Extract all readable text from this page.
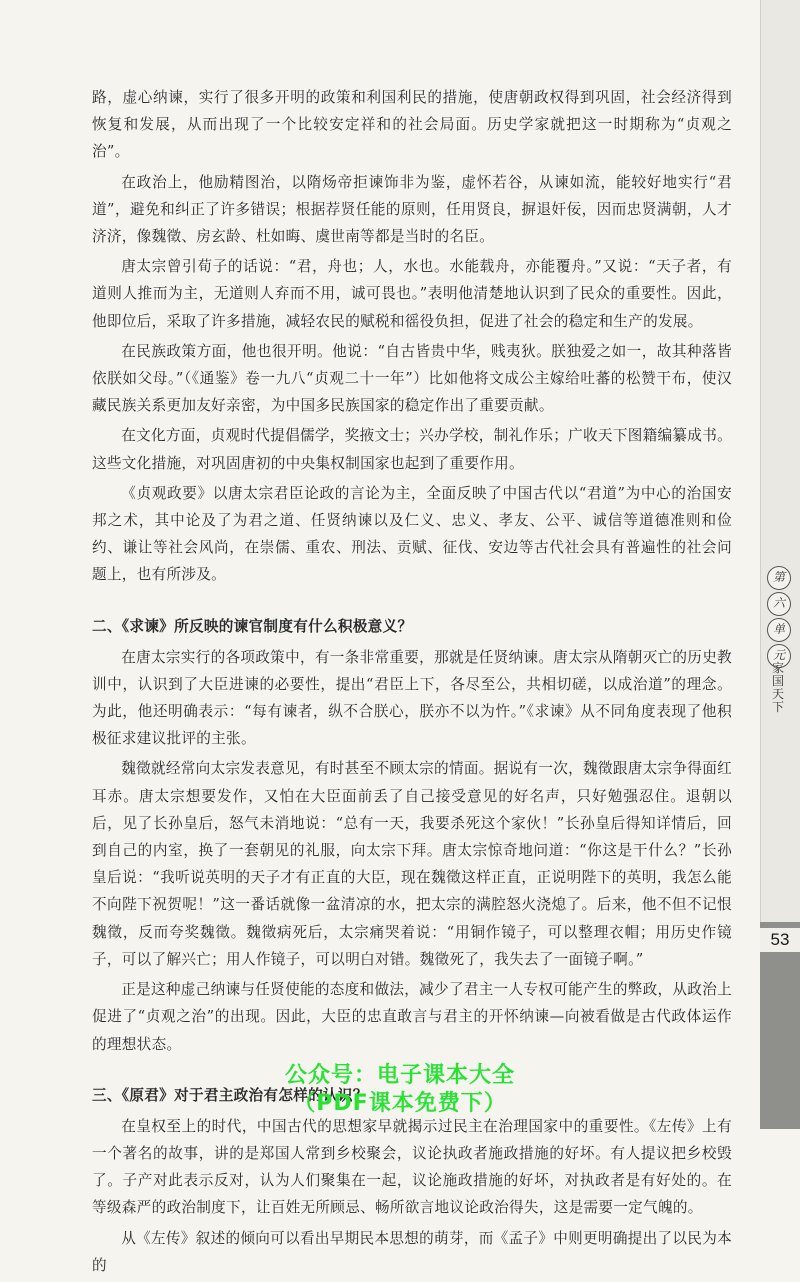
路，虚心纳谏，实行了很多开明的政策和利国利民的措施，使唐朝政权得到巩固，社会经济得到恢复和发展，从而出现了一个比较安定祥和的社会局面。历史学家就把这一时期称为“贞观之治”。

在政治上，他励精图治，以隋炀帝拒谏饰非为鉴，虚怀若谷，从谏如流，能较好地实行“君道”，避免和纠正了许多错误；根据荐贤任能的原则，任用贤良，摒退奸佞，因而忠贤满朝，人才济济，像魏徵、房玄龄、杜如晦、虞世南等都是当时的名臣。

唐太宗曾引荀子的话说：“君，舟也；人，水也。水能载舟，亦能覆舟。”又说：“天子者，有道则人推而为主，无道则人弃而不用，诚可畏也。”表明他清楚地认识到了民众的重要性。因此，他即位后，采取了许多措施，减轻农民的赋税和徭役负担，促进了社会的稳定和生产的发展。

在民族政策方面，他也很开明。他说：“自古皆贵中华，贱夷狄。朕独爱之如一，故其种落皆依朕如父母。”（《通鉴》卷一九八“贞观二十一年”）比如他将文成公主嫁给吐蕃的松赞干布，使汉藏民族关系更加友好亲密，为中国多民族国家的稳定作出了重要贡献。

在文化方面，贞观时代提倡儒学，奖掖文士；兴办学校，制礼作乐；广收天下图籍编纂成书。这些文化措施，对巩固唐初的中央集权制国家也起到了重要作用。

《贞观政要》以唐太宗君臣论政的言论为主，全面反映了中国古代以“君道”为中心的治国安邦之术，其中论及了为君之道、任贤纳谏以及仁义、忠义、孝友、公平、诚信等道德准则和俭约、谦让等社会风尚，在崇儒、重农、刑法、贡赋、征伐、安边等古代社会具有普遍性的社会问题上，也有所涉及。

二、《求谏》所反映的谏官制度有什么积极意义？

在唐太宗实行的各项政策中，有一条非常重要，那就是任贤纳谏。唐太宗从隋朝灭亡的历史教训中，认识到了大臣进谏的必要性，提出“君臣上下，各尽至公，共相切磋，以成治道”的理念。为此，他还明确表示：“每有谏者，纵不合朕心，朕亦不以为忤。”《求谏》从不同角度表现了他积极征求建议批评的主张。

魏徵就经常向太宗发表意见，有时甚至不顾太宗的情面。据说有一次，魏徵跟唐太宗争得面红耳赤。唐太宗想要发作，又怕在大臣面前丢了自己接受意见的好名声，只好勉强忍住。退朝以后，见了长孙皇后，怒气未消地说：“总有一天，我要杀死这个家伙！”长孙皇后得知详情后，回到自己的内室，换了一套朝见的礼服，向太宗下拜。唐太宗惊奇地问道：“你这是干什么？”长孙皇后说：“我听说英明的天子才有正直的大臣，现在魏徵这样正直，正说明陛下的英明，我怎么能不向陛下祝贺呢！”这一番话就像一盆清凉的水，把太宗的满腔怒火浇熄了。后来，他不但不记恨魏徵，反而夸奖魏徵。魏徵病死后，太宗痛哭着说：“用铜作镜子，可以整理衣帽；用历史作镜子，可以了解兴亡；用人作镜子，可以明白对错。魏徵死了，我失去了一面镜子啊。”

正是这种虚己纳谏与任贤使能的态度和做法，减少了君主一人专权可能产生的弊政，从政治上促进了“贞观之治”的出现。因此，大臣的忠直敢言与君主的开怀纳谏—向被看做是古代政体运作的理想状态。

三、《原君》对于君主政治有怎样的认识？

在皇权至上的时代，中国古代的思想家早就揭示过民主在治理国家中的重要性。《左传》上有一个著名的故事，讲的是郑国人常到乡校聚会，议论执政者施政措施的好坏。有人提议把乡校毁了。子产对此表示反对，认为人们聚集在一起，议论施政措施的好坏，对执政者是有好处的。在等级森严的政治制度下，让百姓无所顾忌、畅所欲言地议论政治得失，这是需要一定气魄的。

从《左传》叙述的倾向可以看出早期民本思想的萌芽，而《孟子》中则更明确提出了以民为本的

第
六
单
元
家国天下
53
公众号：电子课本大全
（PDF课本免费下）
